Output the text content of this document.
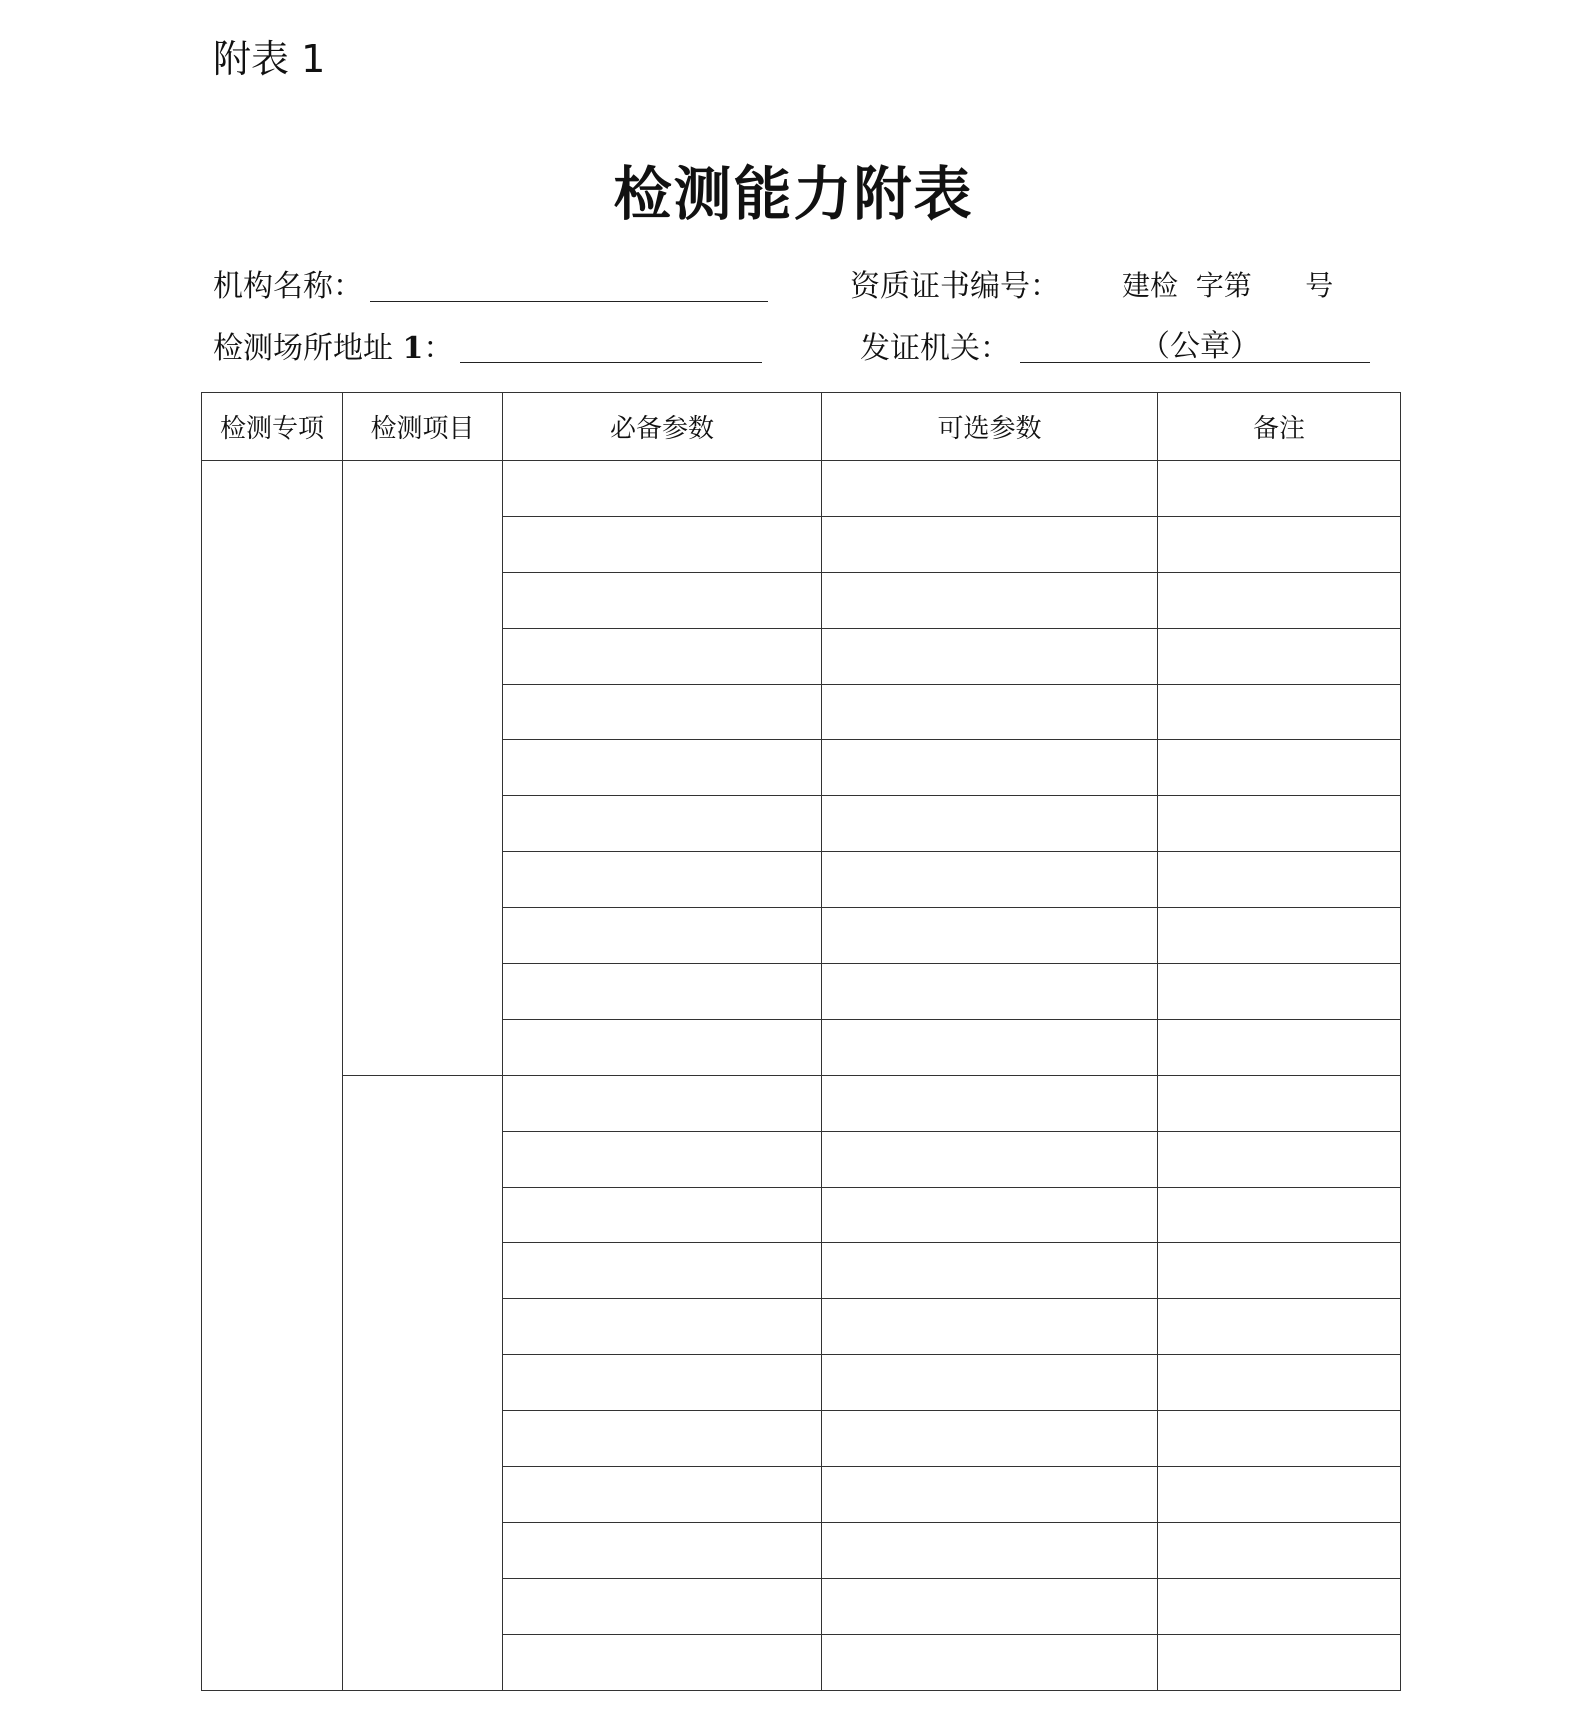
附表 1
检测能力附表
机构名称：	资质证书编号： 建检  字第      号
检测场所地址 1：	发证机关：	（公章）
检测专项	检测项目	必备参数	可选参数	备注
